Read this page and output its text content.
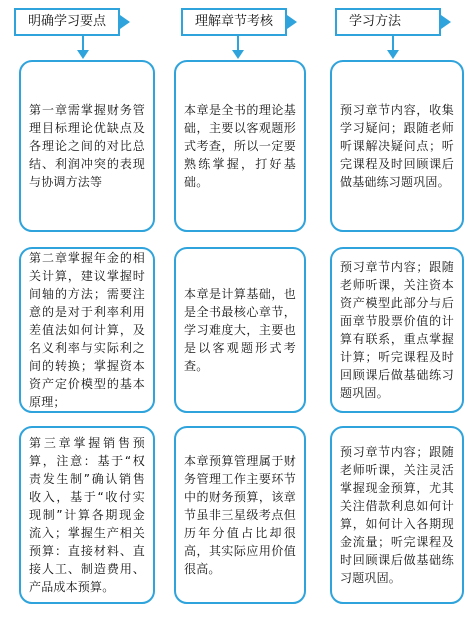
明确学习要点	理解章节考核	学习方法

第一章需掌握财务管理目标理论优缺点及各理论之间的对比总结、利润冲突的表现与协调方法等

本章是全书的理论基础，主要以客观题形式考查，所以一定要熟练掌握，打好基础。

预习章节内容，收集学习疑问；跟随老师听课解决疑问点；听完课程及时回顾课后做基础练习题巩固。

第二章掌握年金的相关计算，建议掌握时间轴的方法；需要注意的是对于利率利用差值法如何计算，及名义利率与实际利之间的转换；掌握资本资产定价模型的基本原理；

本章是计算基础，也是全书最核心章节，学习难度大，主要也是以客观题形式考查。

预习章节内容；跟随老师听课，关注资本资产模型此部分与后面章节股票价值的计算有联系，重点掌握计算；听完课程及时回顾课后做基础练习题巩固。

第三章掌握销售预算，注意：基于“权责发生制”确认销售收入，基于“收付实现制”计算各期现金流入；掌握生产相关预算：直接材料、直接人工、制造费用、产品成本预算。

本章预算管理属于财务管理工作主要环节中的财务预算，该章节虽非三星级考点但历年分值占比却很高，其实际应用价值很高。

预习章节内容；跟随老师听课，关注灵活掌握现金预算，尤其关注借款利息如何计算，如何计入各期现金流量；听完课程及时回顾课后做基础练习题巩固。
